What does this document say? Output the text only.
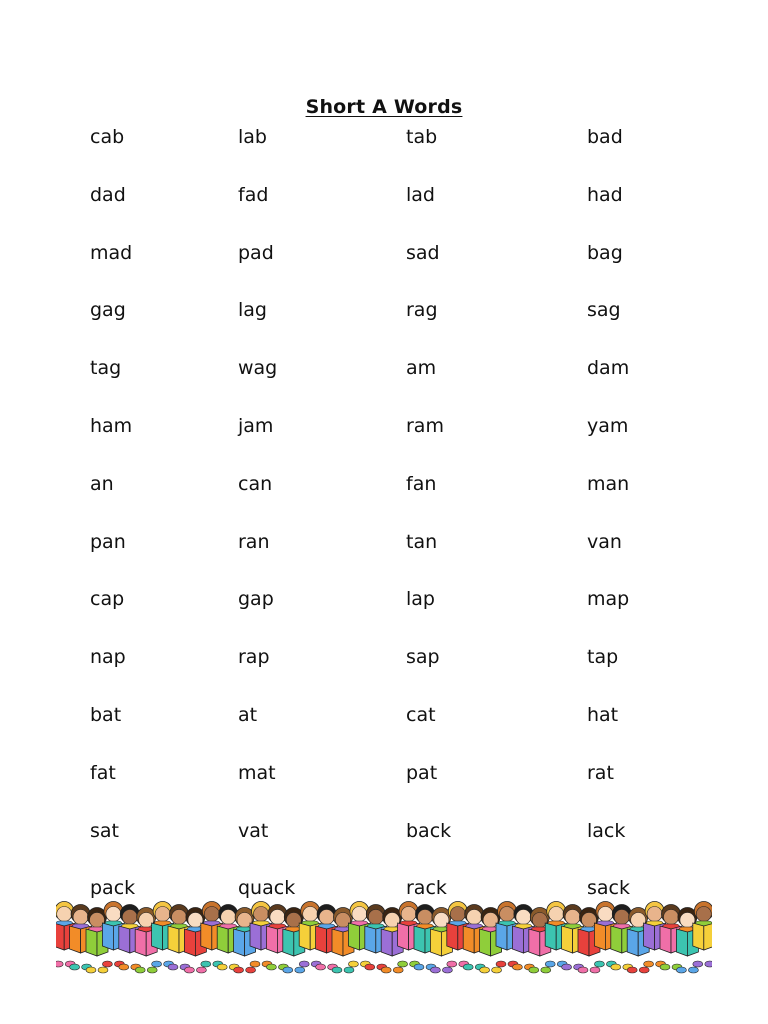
Short A Words
cab	lab	tab	bad
dad	fad	lad	had
mad	pad	sad	bag
gag	lag	rag	sag
tag	wag	am	dam
ham	jam	ram	yam
an	can	fan	man
pan	ran	tan	van
cap	gap	lap	map
nap	rap	sap	tap
bat	at	cat	hat
fat	mat	pat	rat
sat	vat	back	lack
pack	quack	rack	sack
